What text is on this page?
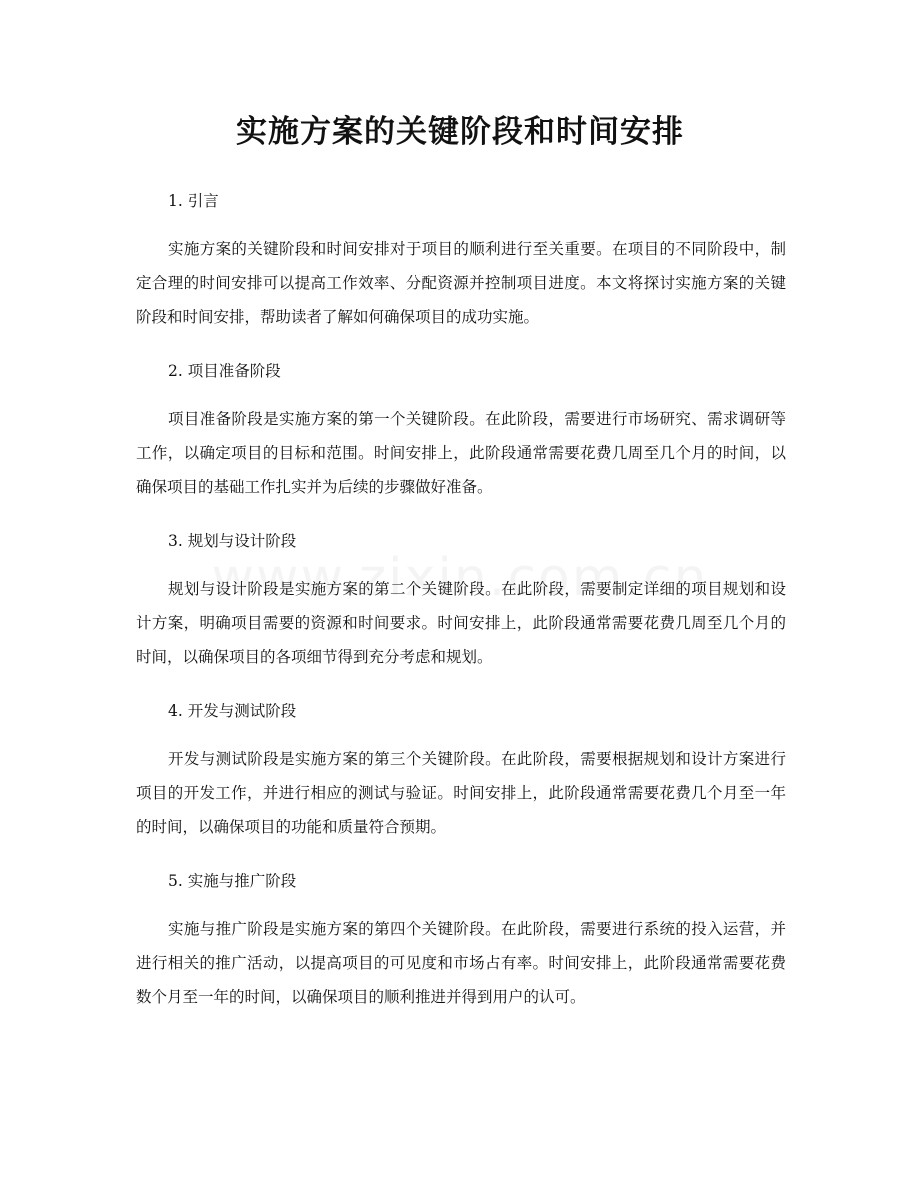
实施方案的关键阶段和时间安排
1. 引言

实施方案的关键阶段和时间安排对于项目的顺利进行至关重要。在项目的不同阶段中，制定合理的时间安排可以提高工作效率、分配资源并控制项目进度。本文将探讨实施方案的关键阶段和时间安排，帮助读者了解如何确保项目的成功实施。

2. 项目准备阶段

项目准备阶段是实施方案的第一个关键阶段。在此阶段，需要进行市场研究、需求调研等工作，以确定项目的目标和范围。时间安排上，此阶段通常需要花费几周至几个月的时间，以确保项目的基础工作扎实并为后续的步骤做好准备。

3. 规划与设计阶段

规划与设计阶段是实施方案的第二个关键阶段。在此阶段，需要制定详细的项目规划和设计方案，明确项目需要的资源和时间要求。时间安排上，此阶段通常需要花费几周至几个月的时间，以确保项目的各项细节得到充分考虑和规划。

4. 开发与测试阶段

开发与测试阶段是实施方案的第三个关键阶段。在此阶段，需要根据规划和设计方案进行项目的开发工作，并进行相应的测试与验证。时间安排上，此阶段通常需要花费几个月至一年的时间，以确保项目的功能和质量符合预期。

5. 实施与推广阶段

实施与推广阶段是实施方案的第四个关键阶段。在此阶段，需要进行系统的投入运营，并进行相关的推广活动，以提高项目的可见度和市场占有率。时间安排上，此阶段通常需要花费数个月至一年的时间，以确保项目的顺利推进并得到用户的认可。
